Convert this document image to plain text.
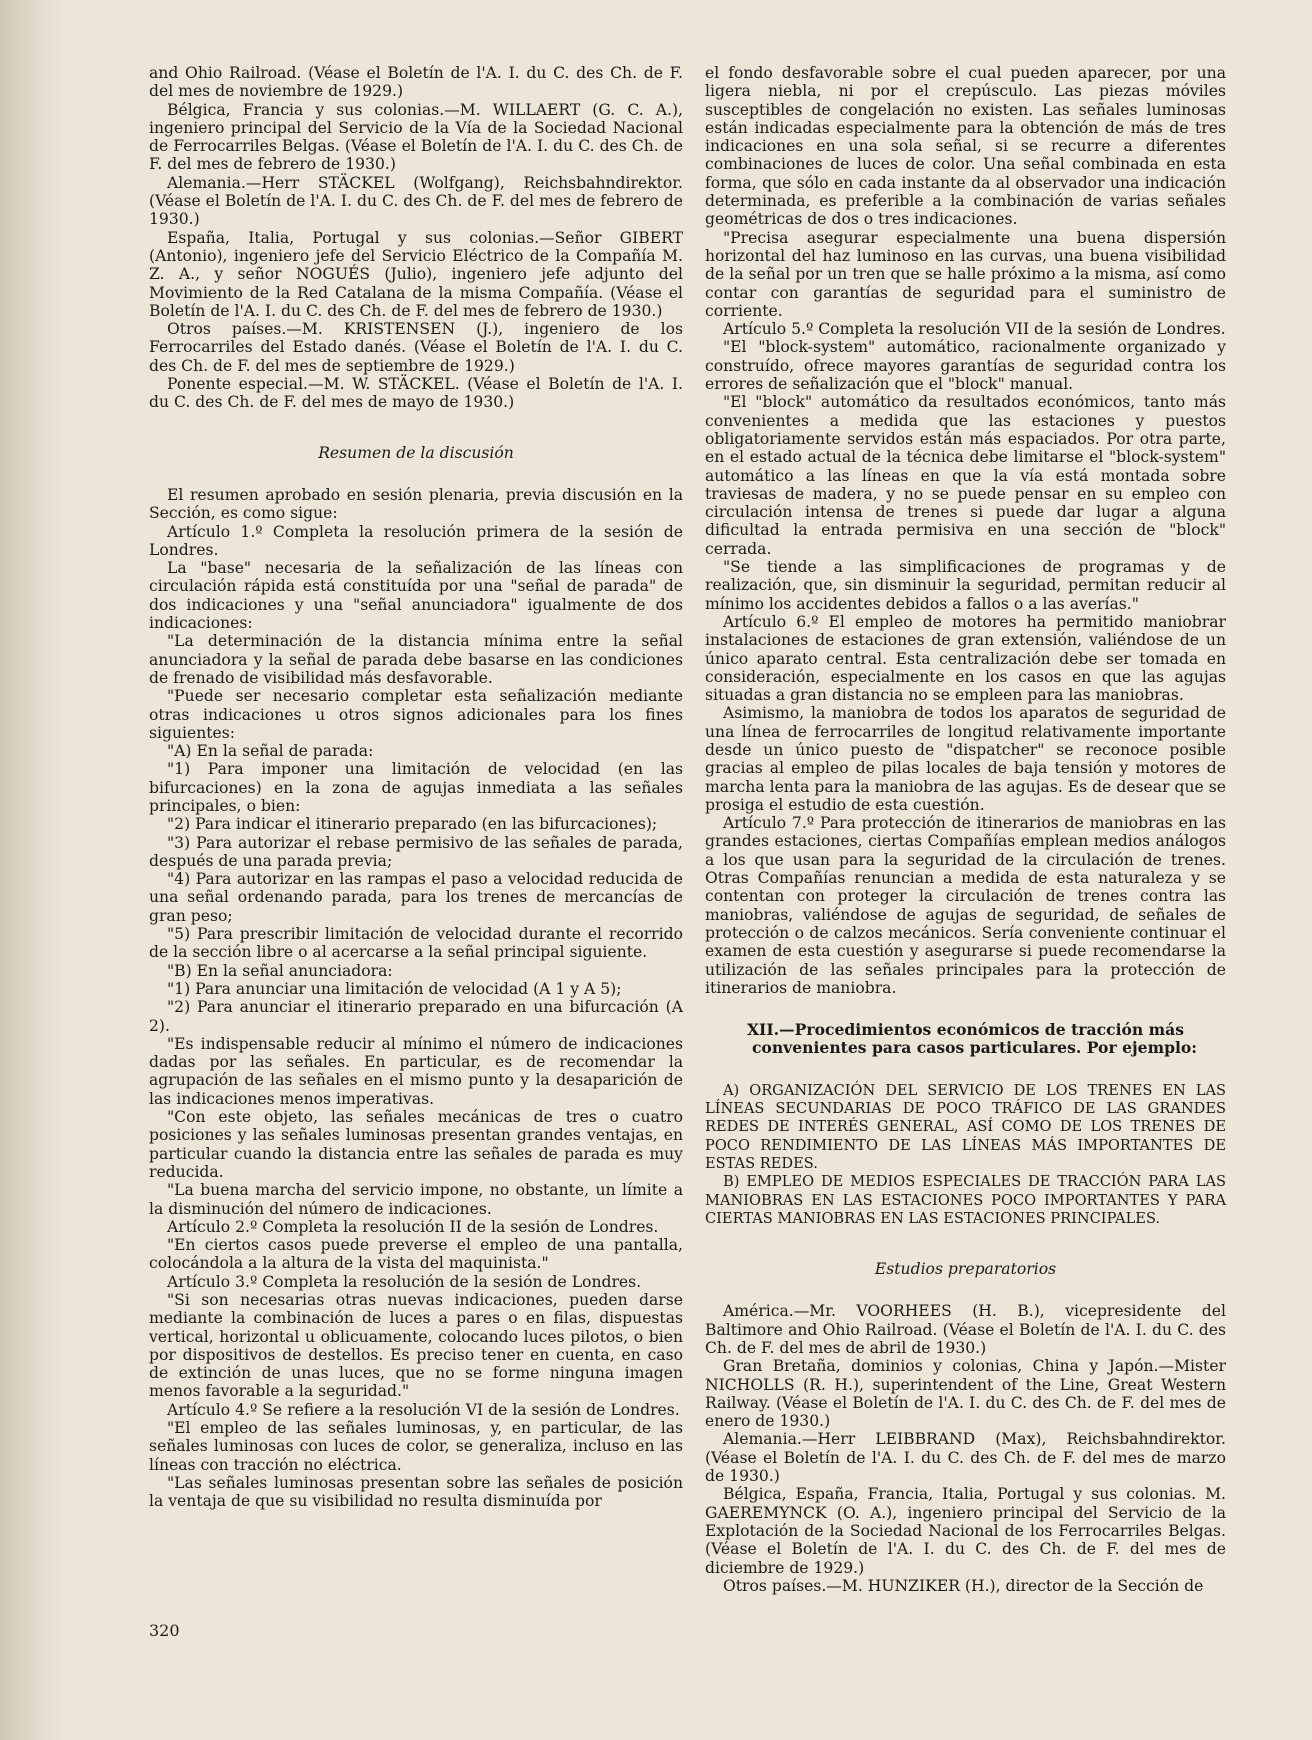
and Ohio Railroad. (Véase el Boletín de l'A. I. du C. des Ch. de F. del mes de noviembre de 1929.)

Bélgica, Francia y sus colonias.—M. WILLAERT (G. C. A.), ingeniero principal del Servicio de la Vía de la Sociedad Nacional de Ferrocarriles Belgas. (Véase el Boletín de l'A. I. du C. des Ch. de F. del mes de febrero de 1930.)

Alemania.—Herr STÄCKEL (Wolfgang), Reichsbahndirektor. (Véase el Boletín de l'A. I. du C. des Ch. de F. del mes de febrero de 1930.)

España, Italia, Portugal y sus colonias.—Señor GIBERT (Antonio), ingeniero jefe del Servicio Eléctrico de la Compañía M. Z. A., y señor NOGUÉS (Julio), ingeniero jefe adjunto del Movimiento de la Red Catalana de la misma Compañía. (Véase el Boletín de l'A. I. du C. des Ch. de F. del mes de febrero de 1930.)

Otros países.—M. KRISTENSEN (J.), ingeniero de los Ferrocarriles del Estado danés. (Véase el Boletín de l'A. I. du C. des Ch. de F. del mes de septiembre de 1929.)

Ponente especial.—M. W. STÄCKEL. (Véase el Boletín de l'A. I. du C. des Ch. de F. del mes de mayo de 1930.)

Resumen de la discusión

El resumen aprobado en sesión plenaria, previa discusión en la Sección, es como sigue:

Artículo 1.º Completa la resolución primera de la sesión de Londres.

La "base" necesaria de la señalización de las líneas con circulación rápida está constituída por una "señal de parada" de dos indicaciones y una "señal anunciadora" igualmente de dos indicaciones:

"La determinación de la distancia mínima entre la señal anunciadora y la señal de parada debe basarse en las condiciones de frenado de visibilidad más desfavorable.

"Puede ser necesario completar esta señalización mediante otras indicaciones u otros signos adicionales para los fines siguientes:

"A) En la señal de parada:

"1) Para imponer una limitación de velocidad (en las bifurcaciones) en la zona de agujas inmediata a las señales principales, o bien:

"2) Para indicar el itinerario preparado (en las bifurcaciones);

"3) Para autorizar el rebase permisivo de las señales de parada, después de una parada previa;

"4) Para autorizar en las rampas el paso a velocidad reducida de una señal ordenando parada, para los trenes de mercancías de gran peso;

"5) Para prescribir limitación de velocidad durante el recorrido de la sección libre o al acercarse a la señal principal siguiente.

"B) En la señal anunciadora:

"1) Para anunciar una limitación de velocidad (A 1 y A 5);

"2) Para anunciar el itinerario preparado en una bifurcación (A 2).

"Es indispensable reducir al mínimo el número de indicaciones dadas por las señales. En particular, es de recomendar la agrupación de las señales en el mismo punto y la desaparición de las indicaciones menos imperativas.

"Con este objeto, las señales mecánicas de tres o cuatro posiciones y las señales luminosas presentan grandes ventajas, en particular cuando la distancia entre las señales de parada es muy reducida.

"La buena marcha del servicio impone, no obstante, un límite a la disminución del número de indicaciones.

Artículo 2.º Completa la resolución II de la sesión de Londres.

"En ciertos casos puede preverse el empleo de una pantalla, colocándola a la altura de la vista del maquinista."

Artículo 3.º Completa la resolución de la sesión de Londres.

"Si son necesarias otras nuevas indicaciones, pueden darse mediante la combinación de luces a pares o en filas, dispuestas vertical, horizontal u oblicuamente, colocando luces pilotos, o bien por dispositivos de destellos. Es preciso tener en cuenta, en caso de extinción de unas luces, que no se forme ninguna imagen menos favorable a la seguridad."

Artículo 4.º Se refiere a la resolución VI de la sesión de Londres.

"El empleo de las señales luminosas, y, en particular, de las señales luminosas con luces de color, se generaliza, incluso en las líneas con tracción no eléctrica.

"Las señales luminosas presentan sobre las señales de posición la ventaja de que su visibilidad no resulta disminuída por

el fondo desfavorable sobre el cual pueden aparecer, por una ligera niebla, ni por el crepúsculo. Las piezas móviles susceptibles de congelación no existen. Las señales luminosas están indicadas especialmente para la obtención de más de tres indicaciones en una sola señal, si se recurre a diferentes combinaciones de luces de color. Una señal combinada en esta forma, que sólo en cada instante da al observador una indicación determinada, es preferible a la combinación de varias señales geométricas de dos o tres indicaciones.

"Precisa asegurar especialmente una buena dispersión horizontal del haz luminoso en las curvas, una buena visibilidad de la señal por un tren que se halle próximo a la misma, así como contar con garantías de seguridad para el suministro de corriente.

Artículo 5.º Completa la resolución VII de la sesión de Londres.

"El "block-system" automático, racionalmente organizado y construído, ofrece mayores garantías de seguridad contra los errores de señalización que el "block" manual.

"El "block" automático da resultados económicos, tanto más convenientes a medida que las estaciones y puestos obligatoriamente servidos están más espaciados. Por otra parte, en el estado actual de la técnica debe limitarse el "block-system" automático a las líneas en que la vía está montada sobre traviesas de madera, y no se puede pensar en su empleo con circulación intensa de trenes si puede dar lugar a alguna dificultad la entrada permisiva en una sección de "block" cerrada.

"Se tiende a las simplificaciones de programas y de realización, que, sin disminuir la seguridad, permitan reducir al mínimo los accidentes debidos a fallos o a las averías."

Artículo 6.º El empleo de motores ha permitido maniobrar instalaciones de estaciones de gran extensión, valiéndose de un único aparato central. Esta centralización debe ser tomada en consideración, especialmente en los casos en que las agujas situadas a gran distancia no se empleen para las maniobras.

Asimismo, la maniobra de todos los aparatos de seguridad de una línea de ferrocarriles de longitud relativamente importante desde un único puesto de "dispatcher" se reconoce posible gracias al empleo de pilas locales de baja tensión y motores de marcha lenta para la maniobra de las agujas. Es de desear que se prosiga el estudio de esta cuestión.

Artículo 7.º Para protección de itinerarios de maniobras en las grandes estaciones, ciertas Compañías emplean medios análogos a los que usan para la seguridad de la circulación de trenes. Otras Compañías renuncian a medida de esta naturaleza y se contentan con proteger la circulación de trenes contra las maniobras, valiéndose de agujas de seguridad, de señales de protección o de calzos mecánicos. Sería conveniente continuar el examen de esta cuestión y asegurarse si puede recomendarse la utilización de las señales principales para la protección de itinerarios de maniobra.

XII.—Procedimientos económicos de tracción más convenientes para casos particulares. Por ejemplo:

A) ORGANIZACIÓN DEL SERVICIO DE LOS TRENES EN LAS LÍNEAS SECUNDARIAS DE POCO TRÁFICO DE LAS GRANDES REDES DE INTERÉS GENERAL, ASÍ COMO DE LOS TRENES DE POCO RENDIMIENTO DE LAS LÍNEAS MÁS IMPORTANTES DE ESTAS REDES.

B) EMPLEO DE MEDIOS ESPECIALES DE TRACCIÓN PARA LAS MANIOBRAS EN LAS ESTACIONES POCO IMPORTANTES Y PARA CIERTAS MANIOBRAS EN LAS ESTACIONES PRINCIPALES.

Estudios preparatorios

América.—Mr. VOORHEES (H. B.), vicepresidente del Baltimore and Ohio Railroad. (Véase el Boletín de l'A. I. du C. des Ch. de F. del mes de abril de 1930.)

Gran Bretaña, dominios y colonias, China y Japón.—Mister NICHOLLS (R. H.), superintendent of the Line, Great Western Railway. (Véase el Boletín de l'A. I. du C. des Ch. de F. del mes de enero de 1930.)

Alemania.—Herr LEIBBRAND (Max), Reichsbahndirektor. (Véase el Boletín de l'A. I. du C. des Ch. de F. del mes de marzo de 1930.)

Bélgica, España, Francia, Italia, Portugal y sus colonias. M. GAEREMYNCK (O. A.), ingeniero principal del Servicio de la Explotación de la Sociedad Nacional de los Ferrocarriles Belgas. (Véase el Boletín de l'A. I. du C. des Ch. de F. del mes de diciembre de 1929.)

Otros países.—M. HUNZIKER (H.), director de la Sección de

320
